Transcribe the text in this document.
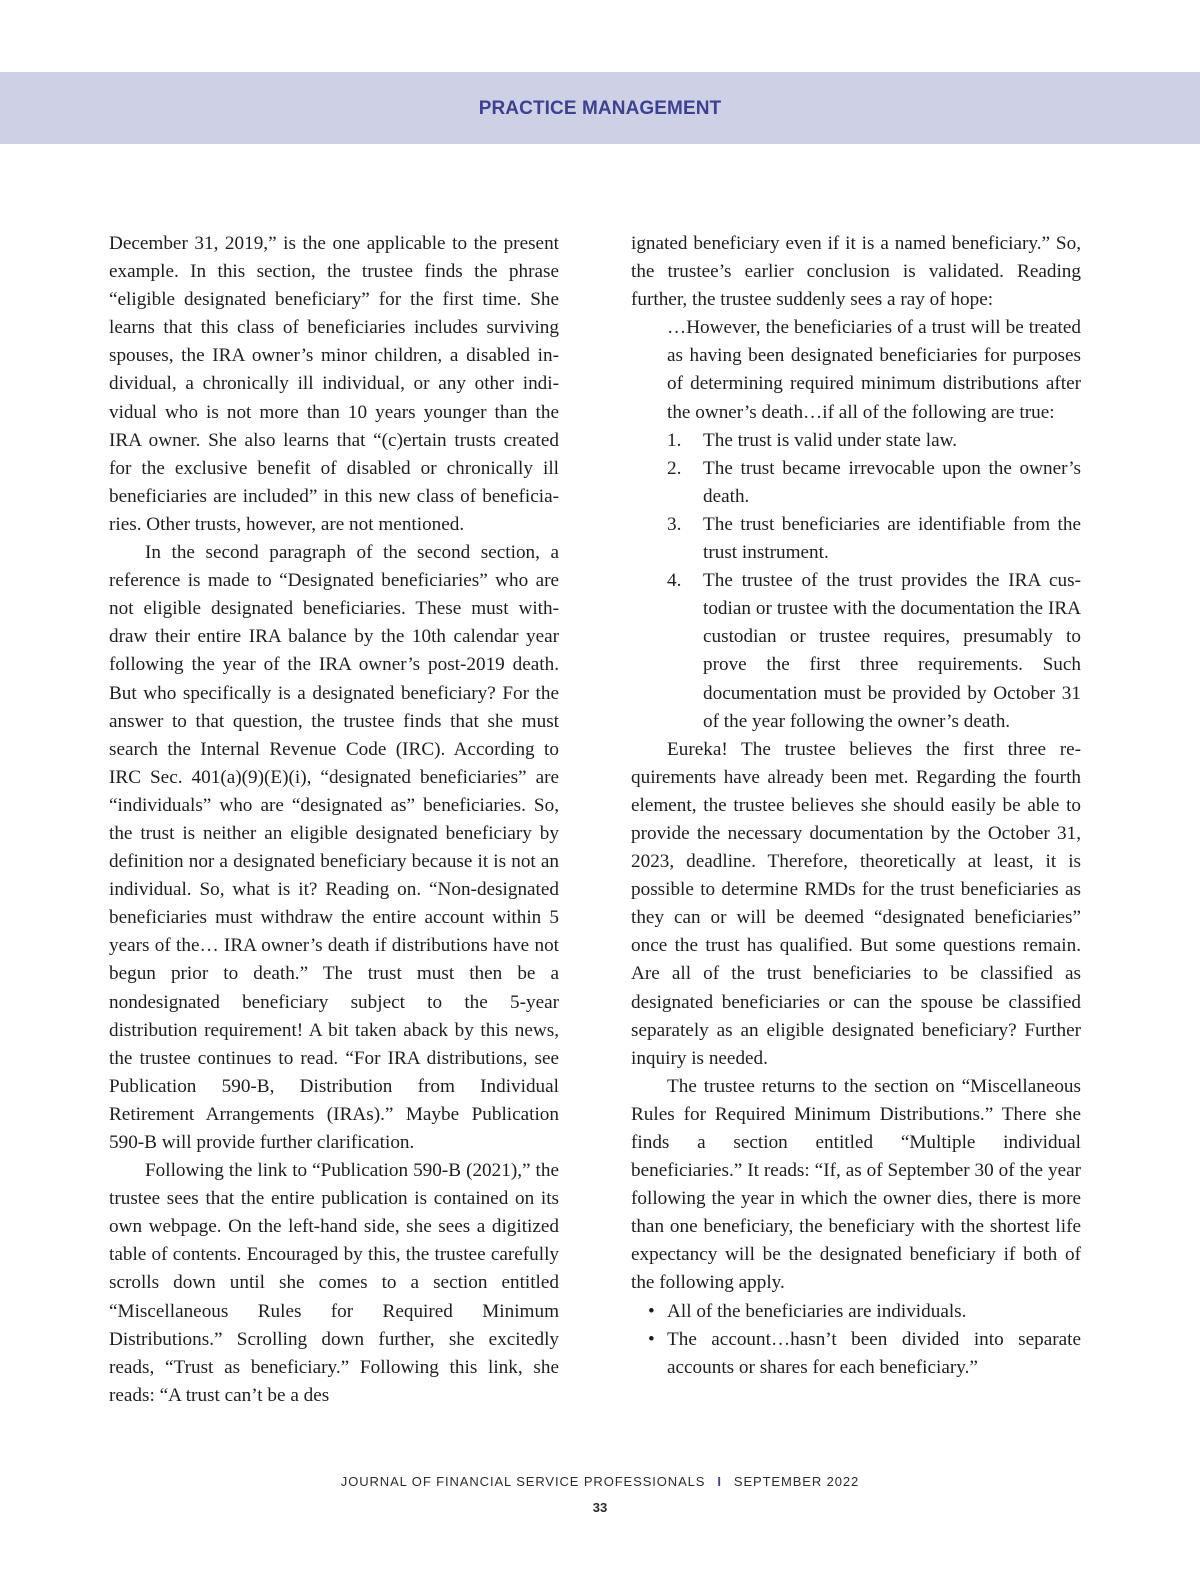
PRACTICE MANAGEMENT

December 31, 2019,” is the one applicable to the present example. In this section, the trustee finds the phrase “eligible designated beneficiary” for the first time. She learns that this class of beneficiaries includes surviving spouses, the IRA owner’s minor children, a disabled individual, a chronically ill individual, or any other individual who is not more than 10 years younger than the IRA owner. She also learns that “(c)ertain trusts created for the exclusive benefit of disabled or chronically ill beneficiaries are included” in this new class of beneficiaries. Other trusts, however, are not mentioned.

In the second paragraph of the second section, a reference is made to “Designated beneficiaries” who are not eligible designated beneficiaries. These must withdraw their entire IRA balance by the 10th calendar year following the year of the IRA owner’s post-2019 death. But who specifically is a designated beneficiary? For the answer to that question, the trustee finds that she must search the Internal Revenue Code (IRC). According to IRC Sec. 401(a)(9)(E)(i), “designated beneficiaries” are “individuals” who are “designated as” beneficiaries. So, the trust is neither an eligible designated beneficiary by definition nor a designated beneficiary because it is not an individual. So, what is it? Reading on. “Non-designated beneficiaries must withdraw the entire account within 5 years of the… IRA owner’s death if distributions have not begun prior to death.” The trust must then be a nondesignated beneficiary subject to the 5-year distribution requirement! A bit taken aback by this news, the trustee continues to read. “For IRA distributions, see Publication 590-B, Distribution from Individual Retirement Arrangements (IRAs).” Maybe Publication 590-B will provide further clarification.

Following the link to “Publication 590-B (2021),” the trustee sees that the entire publication is contained on its own webpage. On the left-hand side, she sees a digitized table of contents. Encouraged by this, the trustee carefully scrolls down until she comes to a section entitled “Miscellaneous Rules for Required Minimum Distributions.” Scrolling down further, she excitedly reads, “Trust as beneficiary.” Following this link, she reads: “A trust can’t be a des

ignated beneficiary even if it is a named beneficiary.” So, the trustee’s earlier conclusion is validated. Reading further, the trustee suddenly sees a ray of hope:

…However, the beneficiaries of a trust will be treated as having been designated beneficiaries for purposes of determining required minimum distributions after the owner’s death…if all of the following are true:

1.	The trust is valid under state law.
2.	The trust became irrevocable upon the owner’s death.
3.	The trust beneficiaries are identifiable from the trust instrument.
4.	The trustee of the trust provides the IRA custodian or trustee with the documentation the IRA custodian or trustee requires, presumably to prove the first three requirements. Such documentation must be provided by October 31 of the year following the owner’s death.

Eureka! The trustee believes the first three requirements have already been met. Regarding the fourth element, the trustee believes she should easily be able to provide the necessary documentation by the October 31, 2023, deadline. Therefore, theoretically at least, it is possible to determine RMDs for the trust beneficiaries as they can or will be deemed “designated beneficiaries” once the trust has qualified. But some questions remain. Are all of the trust beneficiaries to be classified as designated beneficiaries or can the spouse be classified separately as an eligible designated beneficiary? Further inquiry is needed.

The trustee returns to the section on “Miscellaneous Rules for Required Minimum Distributions.” There she finds a section entitled “Multiple individual beneficiaries.” It reads: “If, as of September 30 of the year following the year in which the owner dies, there is more than one beneficiary, the beneficiary with the shortest life expectancy will be the designated beneficiary if both of the following apply.

• All of the beneficiaries are individuals.
• The account…hasn’t been divided into separate accounts or shares for each beneficiary.”
JOURNAL OF FINANCIAL SERVICE PROFESSIONALS I SEPTEMBER 2022
33
